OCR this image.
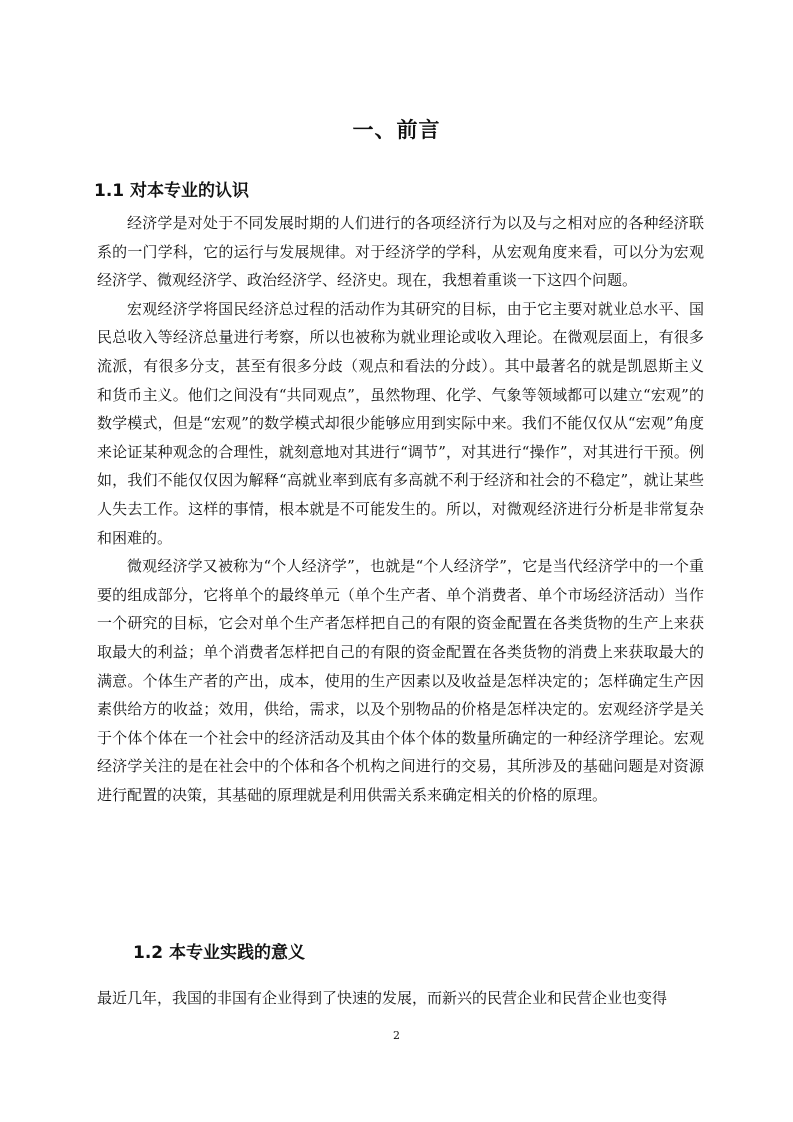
一、前言
1.1 对本专业的认识

经济学是对处于不同发展时期的人们进行的各项经济行为以及与之相对应的各种经济联系的一门学科，它的运行与发展规律。对于经济学的学科，从宏观角度来看，可以分为宏观经济学、微观经济学、政治经济学、经济史。现在，我想着重谈一下这四个问题。

宏观经济学将国民经济总过程的活动作为其研究的目标，由于它主要对就业总水平、国民总收入等经济总量进行考察，所以也被称为就业理论或收入理论。在微观层面上，有很多流派，有很多分支，甚至有很多分歧（观点和看法的分歧）。其中最著名的就是凯恩斯主义和货币主义。他们之间没有“共同观点”，虽然物理、化学、气象等领域都可以建立“宏观”的数学模式，但是“宏观”的数学模式却很少能够应用到实际中来。我们不能仅仅从“宏观”角度来论证某种观念的合理性，就刻意地对其进行“调节”，对其进行“操作”，对其进行干预。例如，我们不能仅仅因为解释“高就业率到底有多高就不利于经济和社会的不稳定”，就让某些人失去工作。这样的事情，根本就是不可能发生的。所以，对微观经济进行分析是非常复杂和困难的。

微观经济学又被称为“个人经济学”，也就是“个人经济学”，它是当代经济学中的一个重要的组成部分，它将单个的最终单元（单个生产者、单个消费者、单个市场经济活动）当作一个研究的目标，它会对单个生产者怎样把自己的有限的资金配置在各类货物的生产上来获取最大的利益；单个消费者怎样把自己的有限的资金配置在各类货物的消费上来获取最大的满意。个体生产者的产出，成本，使用的生产因素以及收益是怎样决定的；怎样确定生产因素供给方的收益；效用，供给，需求，以及个别物品的价格是怎样决定的。宏观经济学是关于个体个体在一个社会中的经济活动及其由个体个体的数量所确定的一种经济学理论。宏观经济学关注的是在社会中的个体和各个机构之间进行的交易，其所涉及的基础问题是对资源进行配置的决策，其基础的原理就是利用供需关系来确定相关的价格的原理。

1.2 本专业实践的意义

最近几年，我国的非国有企业得到了快速的发展，而新兴的民营企业和民营企业也变得

2
